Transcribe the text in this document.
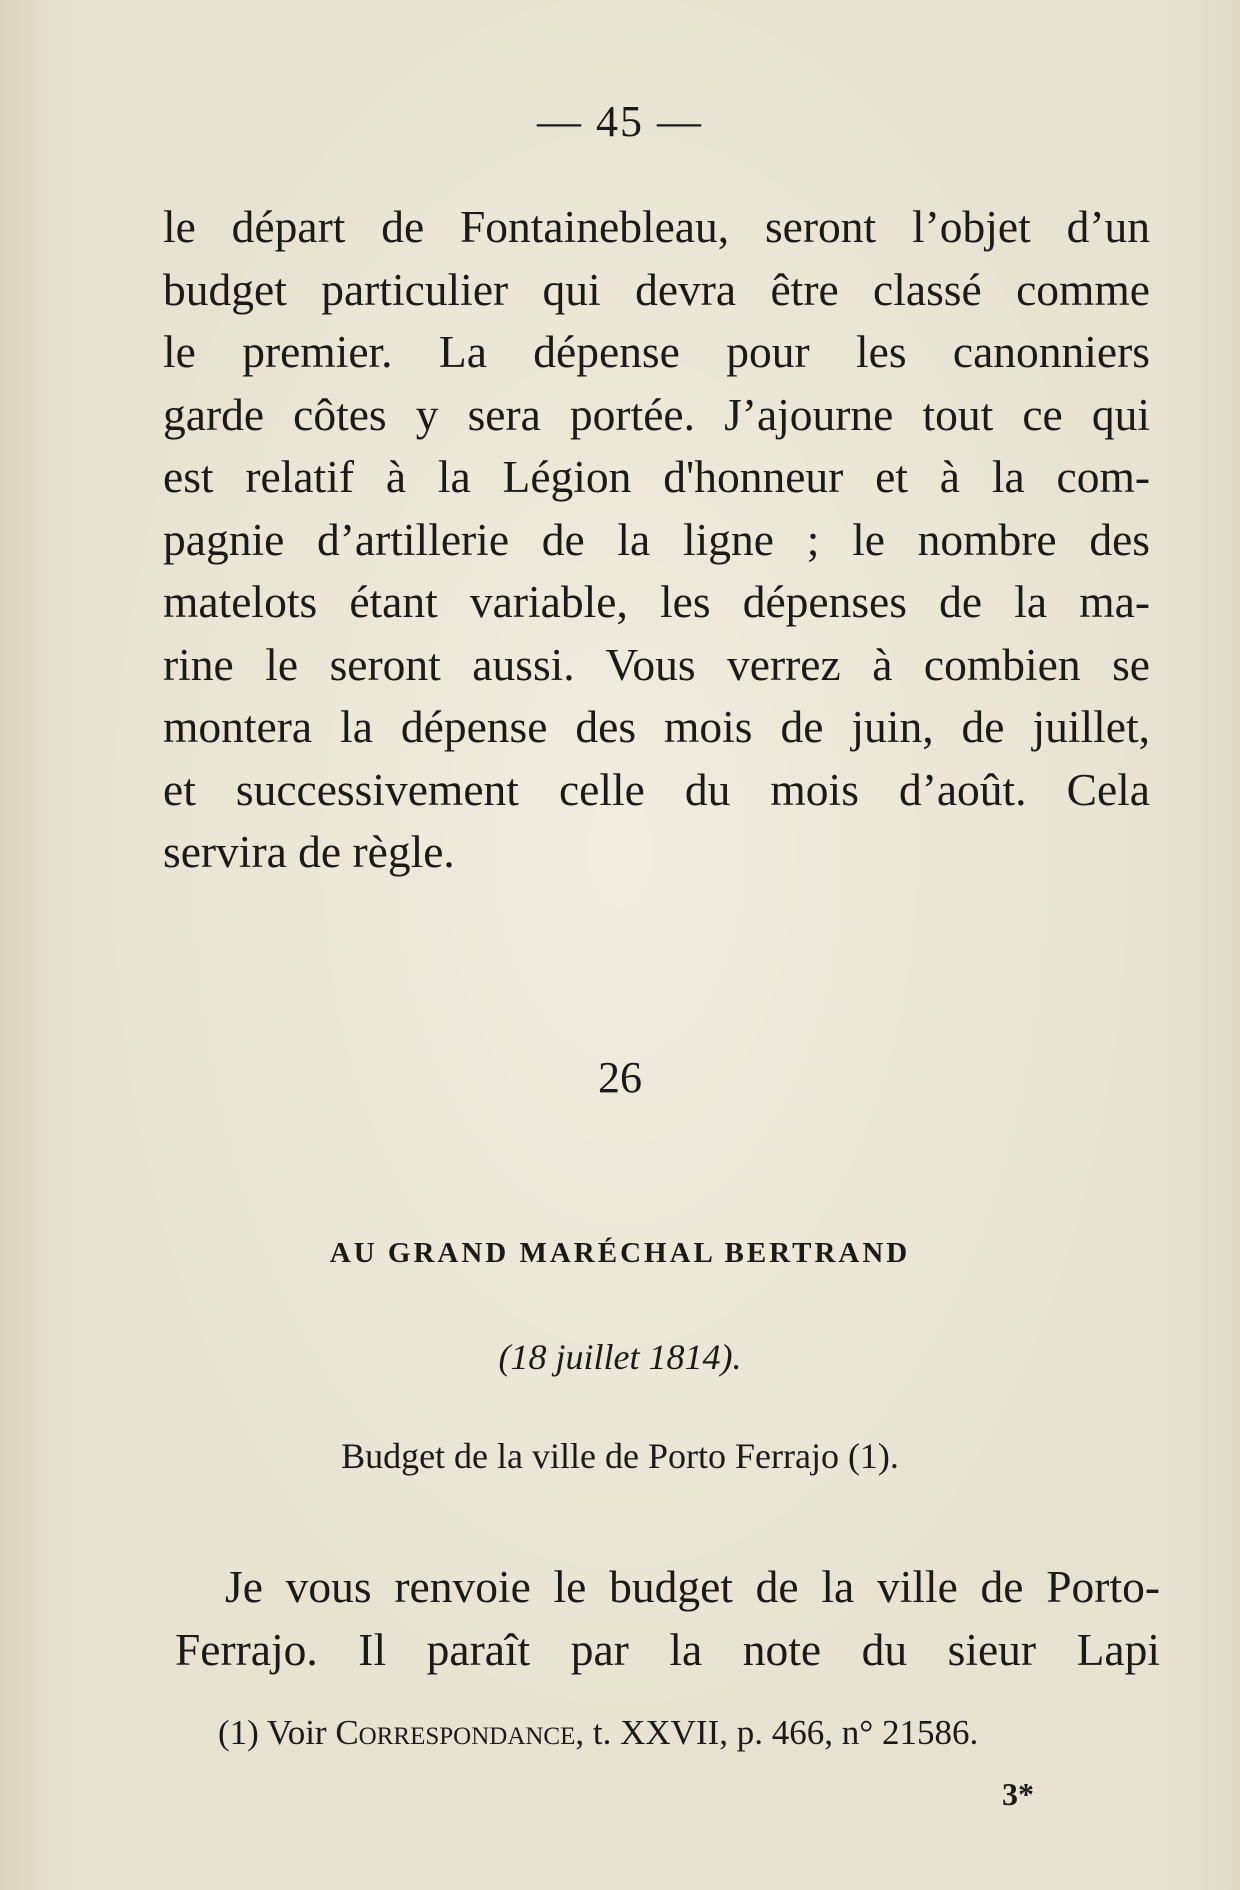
— 45 —
le départ de Fontainebleau, seront l’objet d’un
budget particulier qui devra être classé comme
le premier. La dépense pour les canonniers
garde côtes y sera portée. J’ajourne tout ce qui
est relatif à la Légion d'honneur et à la com-
pagnie d’artillerie de la ligne ; le nombre des
matelots étant variable, les dépenses de la ma-
rine le seront aussi. Vous verrez à combien se
montera la dépense des mois de juin, de juillet,
et successivement celle du mois d’août. Cela
servira de règle.
26
AU GRAND MARÉCHAL BERTRAND
(18 juillet 1814).
Budget de la ville de Porto Ferrajo (1).
Je vous renvoie le budget de la ville de Porto-
Ferrajo. Il paraît par la note du sieur Lapi
(1) Voir Correspondance, t. XXVII, p. 466, n° 21586.
3*
